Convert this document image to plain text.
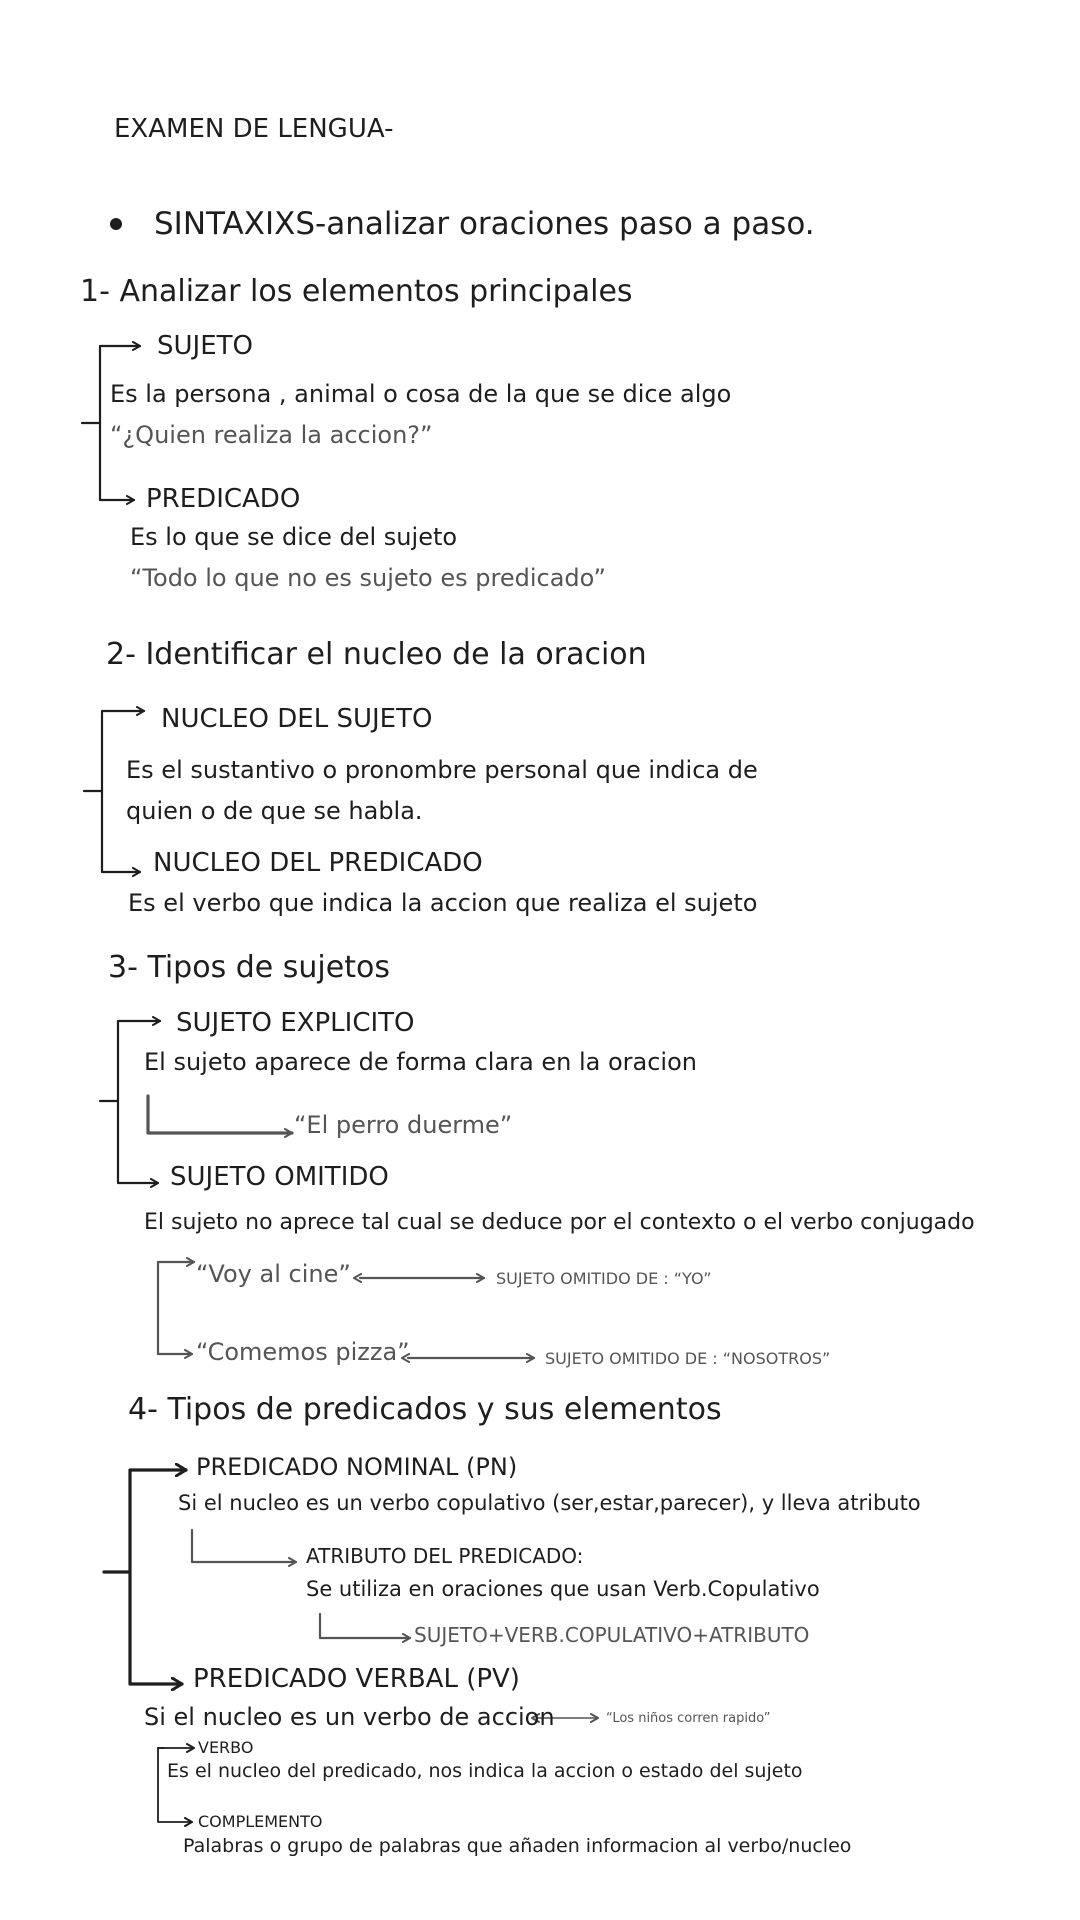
EXAMEN DE LENGUA-
SINTAXIXS-analizar oraciones paso a paso.
1- Analizar los elementos principales
SUJETO
Es la persona , animal o cosa de la que se dice algo
“¿Quien realiza la accion?”
PREDICADO
Es lo que se dice del sujeto
“Todo lo que no es sujeto es predicado”
2- Identificar el nucleo de la oracion
NUCLEO DEL SUJETO
Es el sustantivo o pronombre personal que indica de
quien o de que se habla.
NUCLEO DEL PREDICADO
Es el verbo que indica la accion que realiza el sujeto
3- Tipos de sujetos
SUJETO EXPLICITO
El sujeto aparece de forma clara en la oracion
“El perro duerme”
SUJETO OMITIDO
El sujeto no aprece tal cual se deduce por el contexto o el verbo conjugado
“Voy al cine”	SUJETO OMITIDO DE : “YO”
“Comemos pizza”	SUJETO OMITIDO DE : “NOSOTROS”
4- Tipos de predicados y sus elementos
PREDICADO NOMINAL (PN)
Si el nucleo es un verbo copulativo (ser,estar,parecer), y lleva atributo
ATRIBUTO DEL PREDICADO:
Se utiliza en oraciones que usan Verb.Copulativo
SUJETO+VERB.COPULATIVO+ATRIBUTO
PREDICADO VERBAL (PV)
Si el nucleo es un verbo de accion	“Los niños corren rapido”
VERBO
Es el nucleo del predicado, nos indica la accion o estado del sujeto
COMPLEMENTO
Palabras o grupo de palabras que añaden informacion al verbo/nucleo
